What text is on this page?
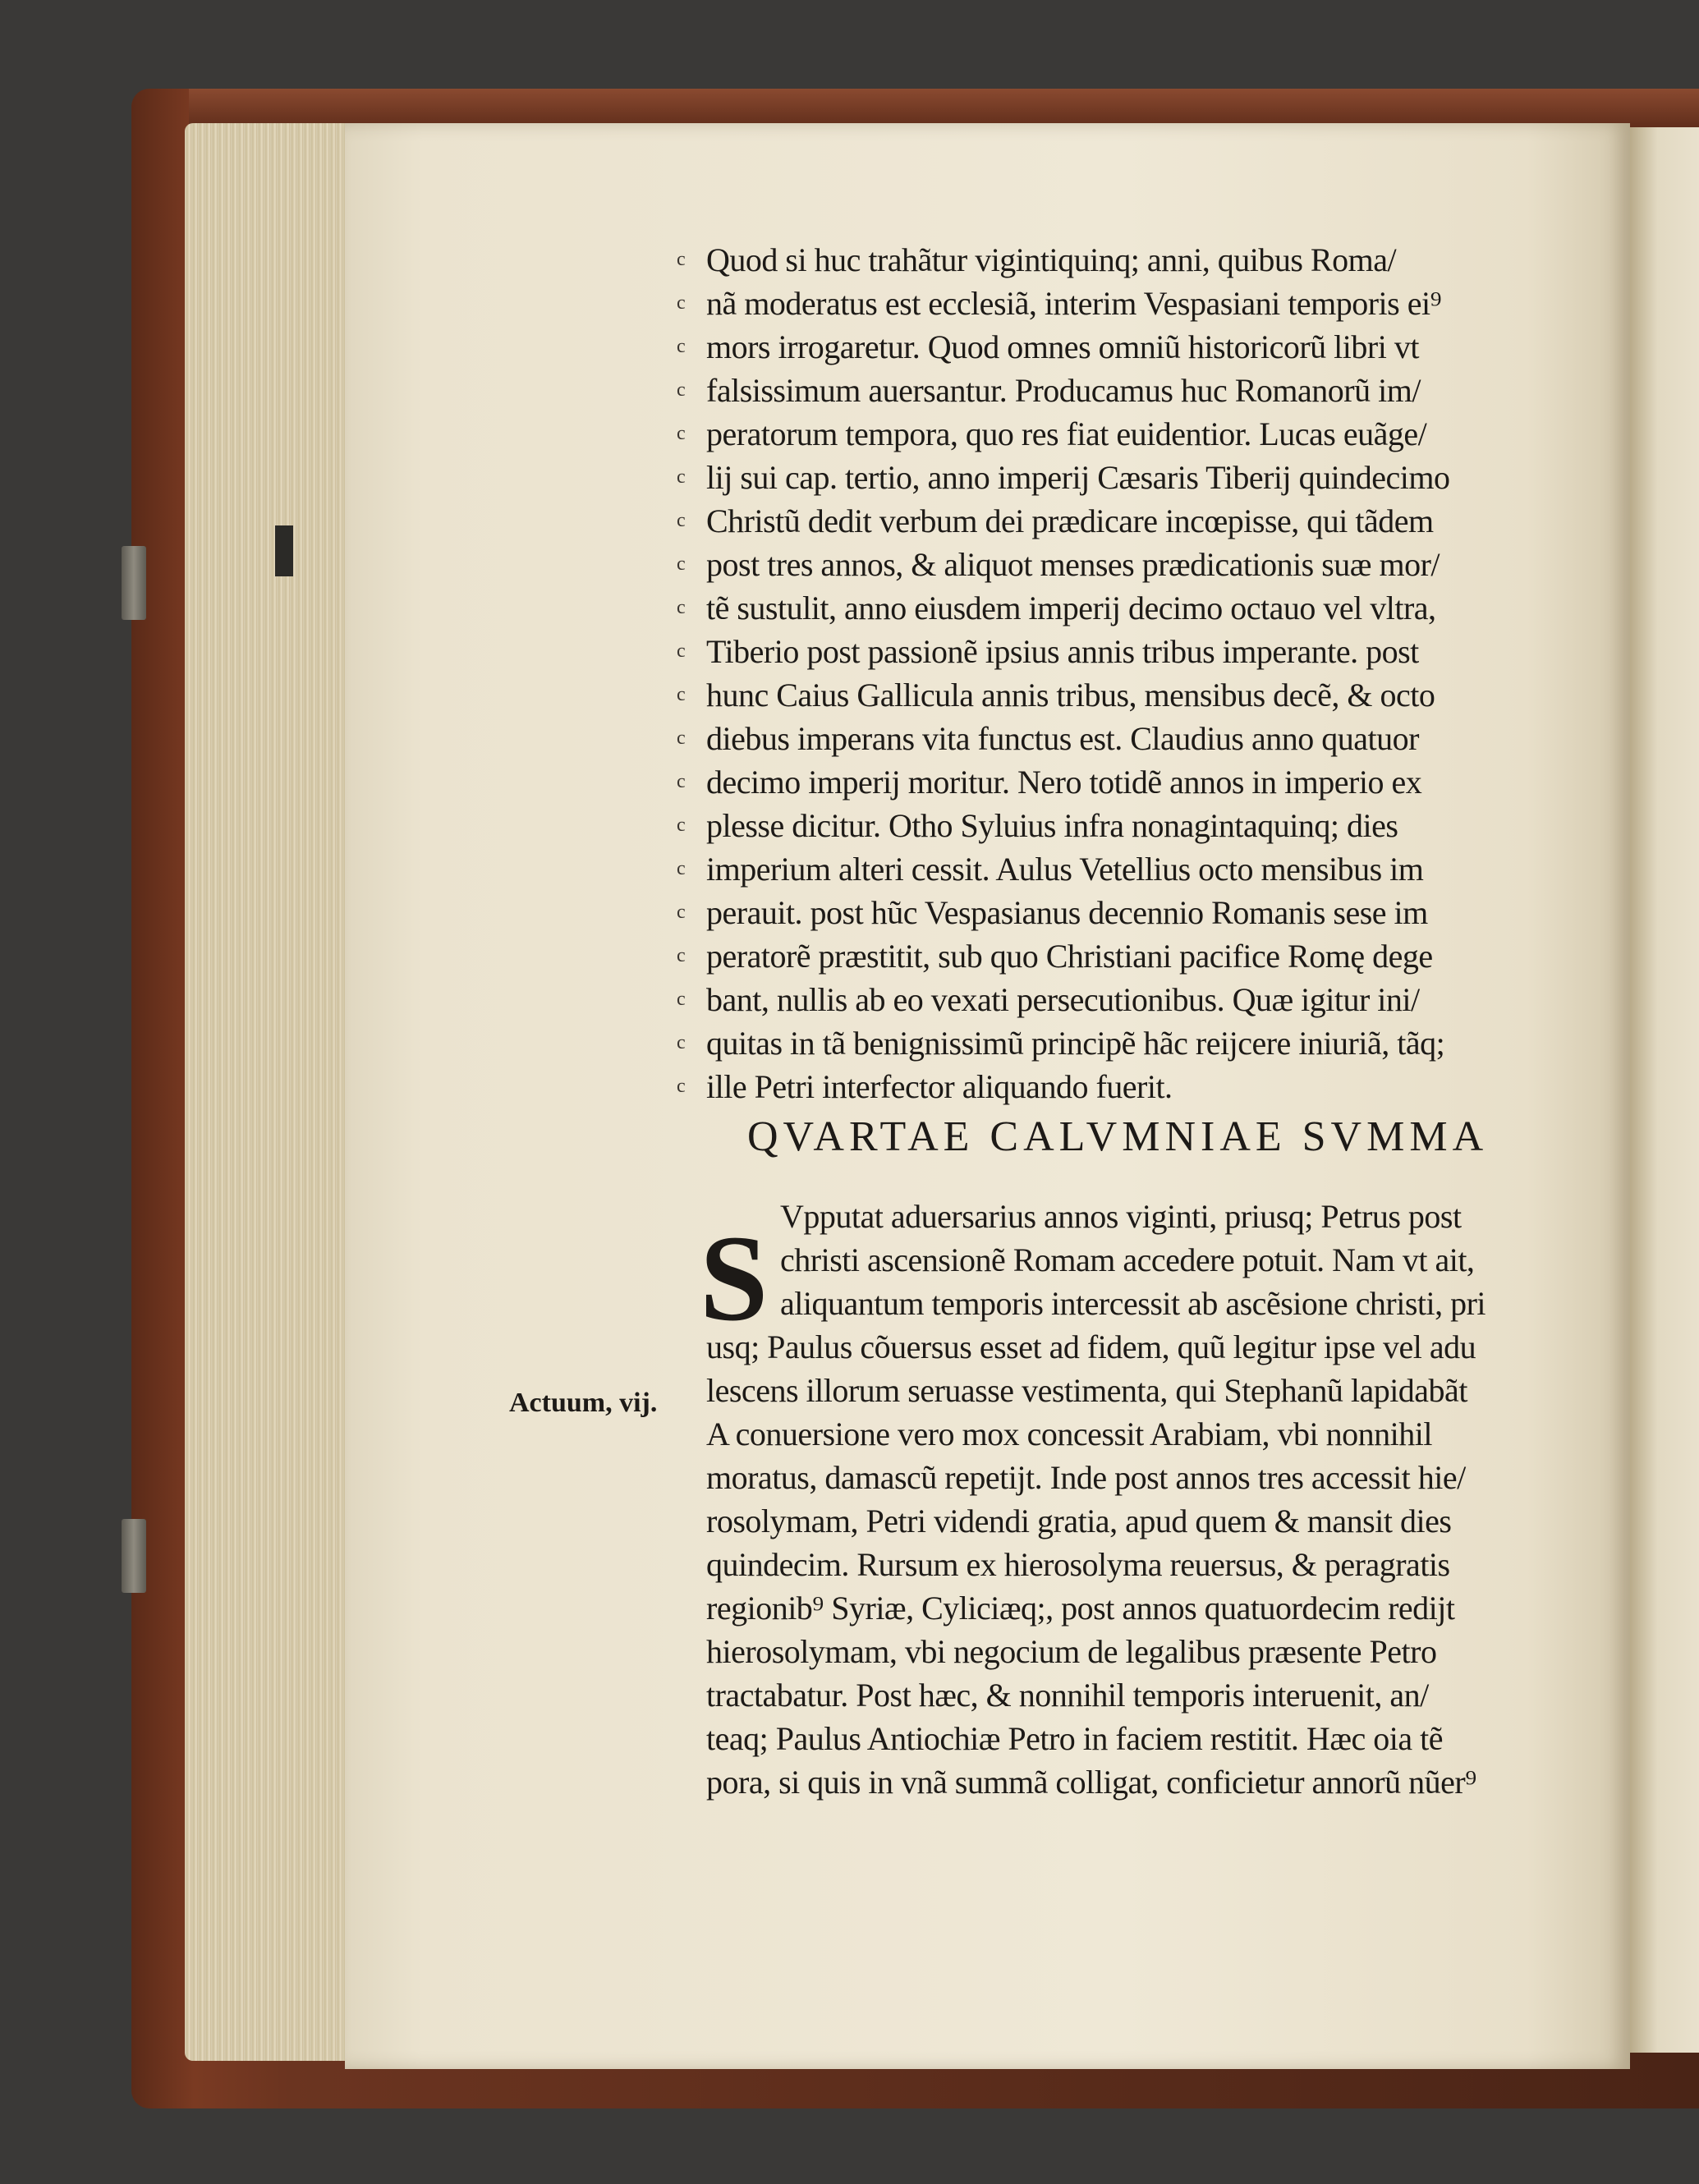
c Quod si huc trahãtur vigintiquinq; anni, quibus Roma/
c nã moderatus est ecclesiã, interim Vespasiani temporis ei⁹
c mors irrogaretur. Quod omnes omniũ historicorũ libri vt
c falsissimum auersantur. Producamus huc Romanorũ im/
c peratorum tempora, quo res fiat euidentior. Lucas euãge/
c lij sui cap. tertio, anno imperij Cæsaris Tiberij quindecimo
c Christũ dedit verbum dei prædicare incœpisse, qui tãdem
c post tres annos, & aliquot menses prædicationis suæ mor/
c tẽ sustulit, anno eiusdem imperij decimo octauo vel vltra,
c Tiberio post passionẽ ipsius annis tribus imperante. post
c hunc Caius Gallicula annis tribus, mensibus decẽ, & octo
c diebus imperans vita functus est. Claudius anno quatuor
c decimo imperij moritur. Nero totidẽ annos in imperio ex
c plesse dicitur. Otho Syluius infra nonagintaquinq; dies
c imperium alteri cessit. Aulus Vetellius octo mensibus im
c perauit. post hũc Vespasianus decennio Romanis sese im
c peratorẽ præstitit, sub quo Christiani pacifice Romę dege
c bant, nullis ab eo vexati persecutionibus. Quæ igitur ini/
c quitas in tã benignissimũ principẽ hãc reijcere iniuriã, tãq;
c ille Petri interfector aliquando fuerit.
QVARTAE CALVMNIAE SVMMA
S Vpputat aduersarius annos viginti, priusq; Petrus post
christi ascensionẽ Romam accedere potuit. Nam vt ait,
aliquantum temporis intercessit ab ascẽsione christi, pri
usq; Paulus cõuersus esset ad fidem, quũ legitur ipse vel adu
lescens illorum seruasse vestimenta, qui Stephanũ lapidabãt
A conuersione vero mox concessit Arabiam, vbi nonnihil
moratus, damascũ repetijt. Inde post annos tres accessit hie/
rosolymam, Petri videndi gratia, apud quem & mansit dies
quindecim. Rursum ex hierosolyma reuersus, & peragratis
regionib⁹ Syriæ, Cyliciæq;, post annos quatuordecim redijt
hierosolymam, vbi negocium de legalibus præsente Petro
tractabatur. Post hæc, & nonnihil temporis interuenit, an/
teaq; Paulus Antiochiæ Petro in faciem restitit. Hæc oia tẽ
pora, si quis in vnã summã colligat, conficietur annorũ nũer⁹
Actuum, vij.
